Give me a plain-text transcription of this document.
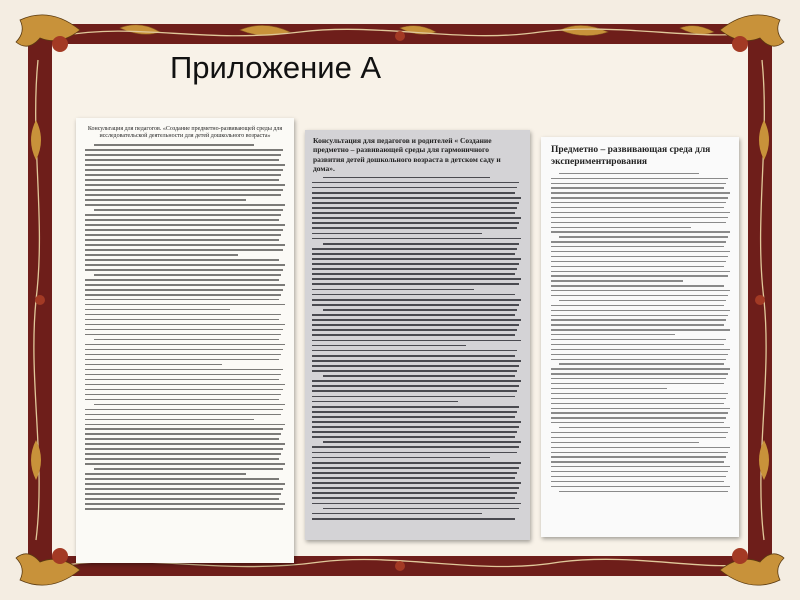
Приложение А
Консультация для педагогов. «Создание предметно-развивающей среды для исследовательской деятельности для детей дошкольного возраста»	Консультация для педагогов и родителей « Создание предметно – развивающей среды для гармоничного развития детей дошкольного возраста в детском саду и дома».
Предметно – развивающая среда для экспериментирования
